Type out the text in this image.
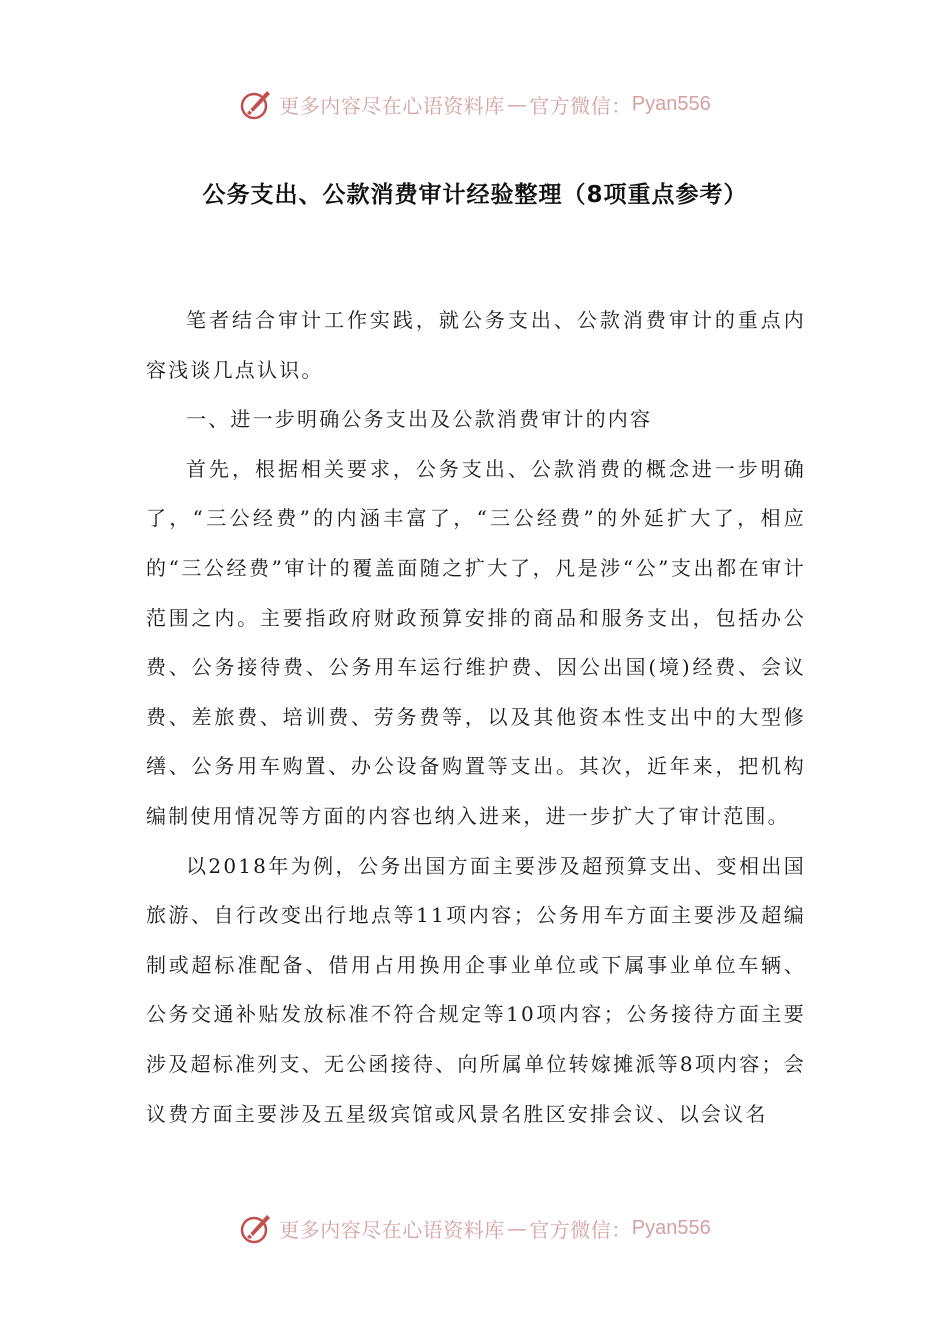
更多内容尽在心语资料库 — 官方微信： Pyan556
公务支出、公款消费审计经验整理（8项重点参考）

笔者结合审计工作实践，就公务支出、公款消费审计的重点内容浅谈几点认识。

一、进一步明确公务支出及公款消费审计的内容

首先，根据相关要求，公务支出、公款消费的概念进一步明确了，“三公经费”的内涵丰富了，“三公经费”的外延扩大了，相应的“三公经费”审计的覆盖面随之扩大了，凡是涉“公”支出都在审计范围之内。主要指政府财政预算安排的商品和服务支出，包括办公费、公务接待费、公务用车运行维护费、因公出国(境)经费、会议费、差旅费、培训费、劳务费等，以及其他资本性支出中的大型修缮、公务用车购置、办公设备购置等支出。其次，近年来，把机构编制使用情况等方面的内容也纳入进来，进一步扩大了审计范围。

以2018年为例，公务出国方面主要涉及超预算支出、变相出国旅游、自行改变出行地点等11项内容；公务用车方面主要涉及超编制或超标准配备、借用占用换用企事业单位或下属事业单位车辆、公务交通补贴发放标准不符合规定等10项内容；公务接待方面主要涉及超标准列支、无公函接待、向所属单位转嫁摊派等8项内容；会议费方面主要涉及五星级宾馆或风景名胜区安排会议、以会议名

更多内容尽在心语资料库 — 官方微信： Pyan556
